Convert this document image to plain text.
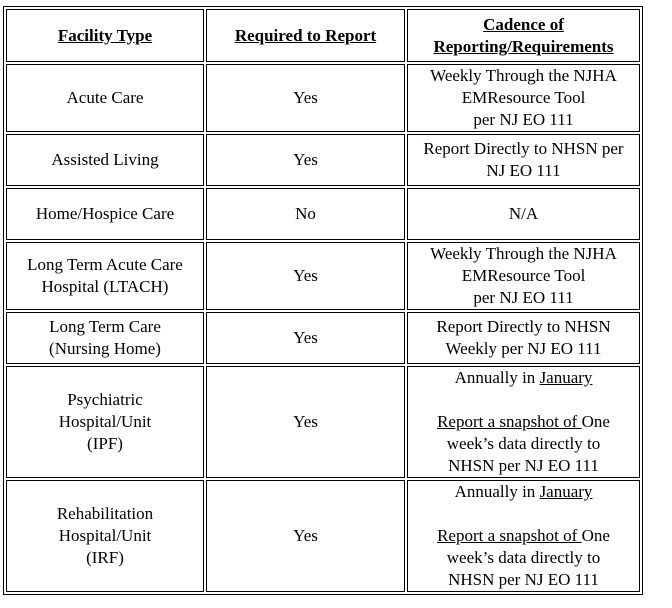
Facility Type	Required to Report	Cadence of
Reporting/Requirements

Acute Care	Yes	Weekly Through the NJHA
EMResource Tool
per NJ EO 111

Assisted Living	Yes	Report Directly to NHSN per
NJ EO 111

Home/Hospice Care	No	N/A

Long Term Acute Care
Hospital (LTACH)	Yes	Weekly Through the NJHA
EMResource Tool
per NJ EO 111

Long Term Care
(Nursing Home)	Yes	Report Directly to NHSN
Weekly per NJ EO 111

Psychiatric
Hospital/Unit
(IPF)	Yes	Annually in January
Report a snapshot of One
week’s data directly to
NHSN per NJ EO 111

Rehabilitation
Hospital/Unit
(IRF)	Yes	Annually in January
Report a snapshot of One
week’s data directly to
NHSN per NJ EO 111
